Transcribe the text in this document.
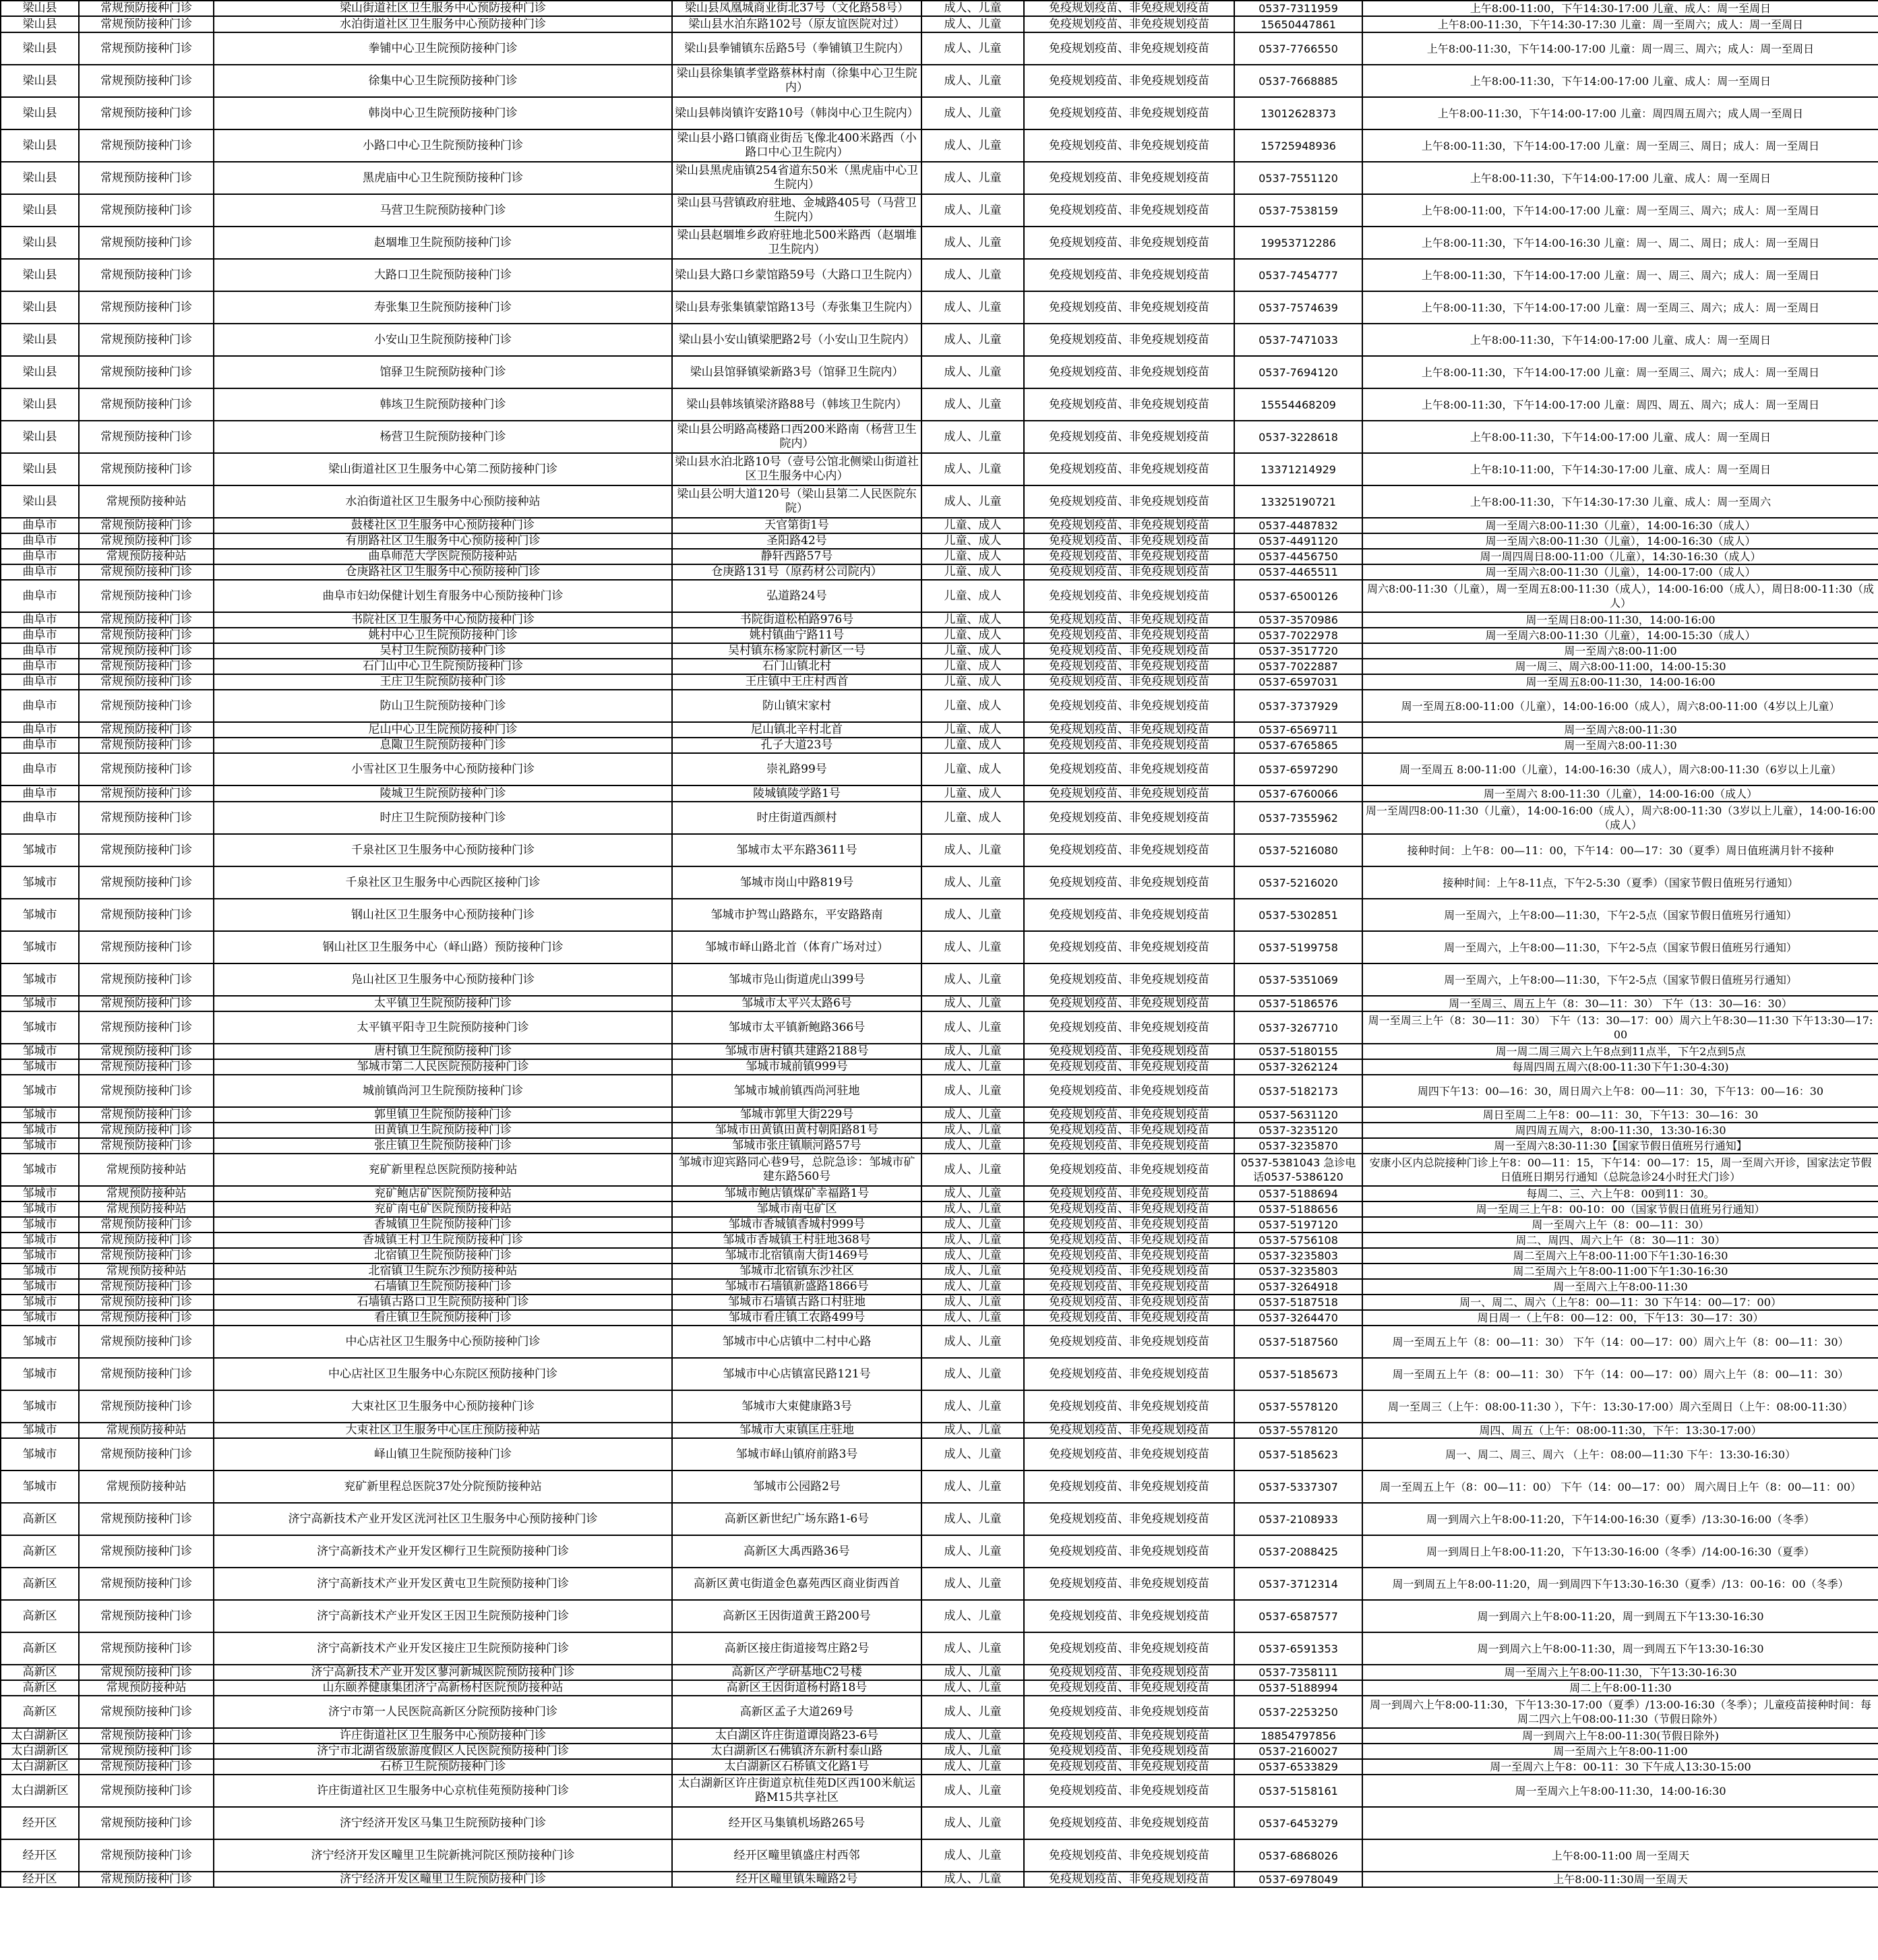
梁山县	常规预防接种门诊	梁山街道社区卫生服务中心预防接种门诊	梁山县凤凰城商业街北37号（文化路58号）	成人、儿童	免疫规划疫苗、非免疫规划疫苗	0537-7311959	上午8:00-11:00，下午14:30-17:00 儿童、成人：周一至周日
梁山县	常规预防接种门诊	水泊街道社区卫生服务中心预防接种门诊	梁山县水泊东路102号（原友谊医院对过）	成人、儿童	免疫规划疫苗、非免疫规划疫苗	15650447861	上午8:00-11:30，下午14:30-17:30 儿童：周一至周六；成人：周一至周日
梁山县	常规预防接种门诊	拳铺中心卫生院预防接种门诊	梁山县拳铺镇东岳路5号（拳铺镇卫生院内）	成人、儿童	免疫规划疫苗、非免疫规划疫苗	0537-7766550	上午8:00-11:30，下午14:00-17:00 儿童：周一周三、周六；成人：周一至周日
梁山县	常规预防接种门诊	徐集中心卫生院预防接种门诊	梁山县徐集镇孝堂路蔡林村南（徐集中心卫生院内）	成人、儿童	免疫规划疫苗、非免疫规划疫苗	0537-7668885	上午8:00-11:30，下午14:00-17:00 儿童、成人：周一至周日
梁山县	常规预防接种门诊	韩岗中心卫生院预防接种门诊	梁山县韩岗镇许安路10号（韩岗中心卫生院内）	成人、儿童	免疫规划疫苗、非免疫规划疫苗	13012628373	上午8:00-11:30，下午14:00-17:00 儿童：周四周五周六；成人周一至周日
梁山县	常规预防接种门诊	小路口中心卫生院预防接种门诊	梁山县小路口镇商业街岳飞像北400米路西（小路口中心卫生院内）	成人、儿童	免疫规划疫苗、非免疫规划疫苗	15725948936	上午8:00-11:30，下午14:00-17:00 儿童：周一至周三、周日；成人：周一至周日
梁山县	常规预防接种门诊	黑虎庙中心卫生院预防接种门诊	梁山县黑虎庙镇254省道东50米（黑虎庙中心卫生院内）	成人、儿童	免疫规划疫苗、非免疫规划疫苗	0537-7551120	上午8:00-11:30，下午14:00-17:00 儿童、成人：周一至周日
梁山县	常规预防接种门诊	马营卫生院预防接种门诊	梁山县马营镇政府驻地、金城路405号（马营卫生院内）	成人、儿童	免疫规划疫苗、非免疫规划疫苗	0537-7538159	上午8:00-11:00，下午14:00-17:00 儿童：周一至周三、周六；成人：周一至周日
梁山县	常规预防接种门诊	赵堌堆卫生院预防接种门诊	梁山县赵堌堆乡政府驻地北500米路西（赵堌堆卫生院内）	成人、儿童	免疫规划疫苗、非免疫规划疫苗	19953712286	上午8:00-11:30，下午14:00-16:30 儿童：周一、周二、周日；成人：周一至周日
梁山县	常规预防接种门诊	大路口卫生院预防接种门诊	梁山县大路口乡蒙馆路59号（大路口卫生院内）	成人、儿童	免疫规划疫苗、非免疫规划疫苗	0537-7454777	上午8:00-11:30，下午14:00-17:00 儿童：周一、周三、周六；成人：周一至周日
梁山县	常规预防接种门诊	寿张集卫生院预防接种门诊	梁山县寿张集镇蒙馆路13号（寿张集卫生院内）	成人、儿童	免疫规划疫苗、非免疫规划疫苗	0537-7574639	上午8:00-11:30，下午14:00-17:00 儿童：周一至周三、周六；成人：周一至周日
梁山县	常规预防接种门诊	小安山卫生院预防接种门诊	梁山县小安山镇梁肥路2号（小安山卫生院内）	成人、儿童	免疫规划疫苗、非免疫规划疫苗	0537-7471033	上午8:00-11:30，下午14:00-17:00 儿童、成人：周一至周日
梁山县	常规预防接种门诊	馆驿卫生院预防接种门诊	梁山县馆驿镇梁新路3号（馆驿卫生院内）	成人、儿童	免疫规划疫苗、非免疫规划疫苗	0537-7694120	上午8:00-11:30，下午14:00-17:00 儿童：周一至周三、周六；成人：周一至周日
梁山县	常规预防接种门诊	韩垓卫生院预防接种门诊	梁山县韩垓镇梁济路88号（韩垓卫生院内）	成人、儿童	免疫规划疫苗、非免疫规划疫苗	15554468209	上午8:00-11:30，下午14:00-17:00 儿童：周四、周五、周六；成人：周一至周日
梁山县	常规预防接种门诊	杨营卫生院预防接种门诊	梁山县公明路高楼路口西200米路南（杨营卫生院内）	成人、儿童	免疫规划疫苗、非免疫规划疫苗	0537-3228618	上午8:00-11:30，下午14:00-17:00 儿童、成人：周一至周日
梁山县	常规预防接种门诊	梁山街道社区卫生服务中心第二预防接种门诊	梁山县水泊北路10号（壹号公馆北侧梁山街道社区卫生服务中心内）	成人、儿童	免疫规划疫苗、非免疫规划疫苗	13371214929	上午8:10-11:00，下午14:30-17:00 儿童、成人：周一至周日
梁山县	常规预防接种站	水泊街道社区卫生服务中心预防接种站	梁山县公明大道120号（梁山县第二人民医院东院）	成人、儿童	免疫规划疫苗、非免疫规划疫苗	13325190721	上午8:00-11:30，下午14:30-17:30 儿童、成人：周一至周六
曲阜市	常规预防接种门诊	鼓楼社区卫生服务中心预防接种门诊	天官第街1号	儿童、成人	免疫规划疫苗、非免疫规划疫苗	0537-4487832	周一至周六8:00-11:30（儿童），14:00-16:30（成人）
曲阜市	常规预防接种门诊	有朋路社区卫生服务中心预防接种门诊	圣阳路42号	儿童、成人	免疫规划疫苗、非免疫规划疫苗	0537-4491120	周一至周六8:00-11:30（儿童），14:00-16:30（成人）
曲阜市	常规预防接种站	曲阜师范大学医院预防接种站	静轩西路57号	儿童、成人	免疫规划疫苗、非免疫规划疫苗	0537-4456750	周一周四周日8:00-11:00（儿童），14:30-16:30（成人）
曲阜市	常规预防接种门诊	仓庚路社区卫生服务中心预防接种门诊	仓庚路131号（原药材公司院内）	儿童、成人	免疫规划疫苗、非免疫规划疫苗	0537-4465511	周一至周六8:00-11:30（儿童），14:00-17:00（成人）
曲阜市	常规预防接种门诊	曲阜市妇幼保健计划生育服务中心预防接种门诊	弘道路24号	儿童、成人	免疫规划疫苗、非免疫规划疫苗	0537-6500126	周六8:00-11:30（儿童），周一至周五8:00-11:30（成人），14:00-16:00（成人），周日8:00-11:30（成人）
曲阜市	常规预防接种门诊	书院社区卫生服务中心预防接种门诊	书院街道松柏路976号	儿童、成人	免疫规划疫苗、非免疫规划疫苗	0537-3570986	周一至周日8:00-11:30，14:00-16:00
曲阜市	常规预防接种门诊	姚村中心卫生院预防接种门诊	姚村镇曲宁路11号	儿童、成人	免疫规划疫苗、非免疫规划疫苗	0537-7022978	周一至周六8:00-11:30（儿童），14:00-15:30（成人）
曲阜市	常规预防接种门诊	吴村卫生院预防接种门诊	吴村镇东杨家院村新区一号	儿童、成人	免疫规划疫苗、非免疫规划疫苗	0537-3517720	周一至周六8:00-11:00
曲阜市	常规预防接种门诊	石门山中心卫生院预防接种门诊	石门山镇北村	儿童、成人	免疫规划疫苗、非免疫规划疫苗	0537-7022887	周一周三、周六8:00-11:00，14:00-15:30
曲阜市	常规预防接种门诊	王庄卫生院预防接种门诊	王庄镇中王庄村西首	儿童、成人	免疫规划疫苗、非免疫规划疫苗	0537-6597031	周一至周五8:00-11:30，14:00-16:00
曲阜市	常规预防接种门诊	防山卫生院预防接种门诊	防山镇宋家村	儿童、成人	免疫规划疫苗、非免疫规划疫苗	0537-3737929	周一至周五8:00-11:00（儿童），14:00-16:00（成人），周六8:00-11:00（4岁以上儿童）
曲阜市	常规预防接种门诊	尼山中心卫生院预防接种门诊	尼山镇北辛村北首	儿童、成人	免疫规划疫苗、非免疫规划疫苗	0537-6569711	周一至周六8:00-11:30
曲阜市	常规预防接种门诊	息陬卫生院预防接种门诊	孔子大道23号	儿童、成人	免疫规划疫苗、非免疫规划疫苗	0537-6765865	周一至周六8:00-11:30
曲阜市	常规预防接种门诊	小雪社区卫生服务中心预防接种门诊	崇礼路99号	儿童、成人	免疫规划疫苗、非免疫规划疫苗	0537-6597290	周一至周五 8:00-11:00（儿童），14:00-16:30（成人），周六8:00-11:30（6岁以上儿童）
曲阜市	常规预防接种门诊	陵城卫生院预防接种门诊	陵城镇陵学路1号	儿童、成人	免疫规划疫苗、非免疫规划疫苗	0537-6760066	周一至周六 8:00-11:30（儿童），14:00-16:00（成人）
曲阜市	常规预防接种门诊	时庄卫生院预防接种门诊	时庄街道西颜村	儿童、成人	免疫规划疫苗、非免疫规划疫苗	0537-7355962	周一至周四8:00-11:30（儿童），14:00-16:00（成人），周六8:00-11:30（3岁以上儿童），14:00-16:00（成人）
邹城市	常规预防接种门诊	千泉社区卫生服务中心预防接种门诊	邹城市太平东路3611号	成人、儿童	免疫规划疫苗、非免疫规划疫苗	0537-5216080	接种时间：上午8：00—11：00，下午14：00—17：30（夏季）周日值班满月针不接种
邹城市	常规预防接种门诊	千泉社区卫生服务中心西院区接种门诊	邹城市岗山中路819号	成人、儿童	免疫规划疫苗、非免疫规划疫苗	0537-5216020	接种时间：上午8-11点，下午2-5:30（夏季）（国家节假日值班另行通知）
邹城市	常规预防接种门诊	钢山社区卫生服务中心预防接种门诊	邹城市护驾山路路东，平安路路南	成人、儿童	免疫规划疫苗、非免疫规划疫苗	0537-5302851	周一至周六，上午8:00—11:30，下午2-5点（国家节假日值班另行通知）
邹城市	常规预防接种门诊	钢山社区卫生服务中心（峄山路）预防接种门诊	邹城市峄山路北首（体育广场对过）	成人、儿童	免疫规划疫苗、非免疫规划疫苗	0537-5199758	周一至周六，上午8:00—11:30，下午2-5点（国家节假日值班另行通知）
邹城市	常规预防接种门诊	凫山社区卫生服务中心预防接种门诊	邹城市凫山街道虎山399号	成人、儿童	免疫规划疫苗、非免疫规划疫苗	0537-5351069	周一至周六，上午8:00—11:30，下午2-5点（国家节假日值班另行通知）
邹城市	常规预防接种门诊	太平镇卫生院预防接种门诊	邹城市太平兴太路6号	成人、儿童	免疫规划疫苗、非免疫规划疫苗	0537-5186576	周一至周三、周五上午（8：30—11：30） 下午（13：30—16：30）
邹城市	常规预防接种门诊	太平镇平阳寺卫生院预防接种门诊	邹城市太平镇新鲍路366号	成人、儿童	免疫规划疫苗、非免疫规划疫苗	0537-3267710	周一至周三上午（8：30—11：30） 下午（13：30—17：00）周六上午8:30—11:30 下午13:30—17:00
邹城市	常规预防接种门诊	唐村镇卫生院预防接种门诊	邹城市唐村镇共建路2188号	成人、儿童	免疫规划疫苗、非免疫规划疫苗	0537-5180155	周一周二周三周六上午8点到11点半，下午2点到5点
邹城市	常规预防接种门诊	邹城市第二人民医院预防接种门诊	邹城市城前镇999号	成人、儿童	免疫规划疫苗、非免疫规划疫苗	0537-3262124	每周四周五周六(8:00-11:30下午1:30-4:30)
邹城市	常规预防接种门诊	城前镇尚河卫生院预防接种门诊	邹城市城前镇西尚河驻地	成人、儿童	免疫规划疫苗、非免疫规划疫苗	0537-5182173	周四下午13：00—16：30，周日周六上午8：00—11：30，下午13：00—16：30
邹城市	常规预防接种门诊	郭里镇卫生院预防接种门诊	邹城市郭里大街229号	成人、儿童	免疫规划疫苗、非免疫规划疫苗	0537-5631120	周日至周二上午8：00—11：30，下午13：30—16：30
邹城市	常规预防接种门诊	田黄镇卫生院预防接种门诊	邹城市田黄镇田黄村朝阳路81号	成人、儿童	免疫规划疫苗、非免疫规划疫苗	0537-3235120	周四周五周六，8:00-11:30，13:30-16:30
邹城市	常规预防接种门诊	张庄镇卫生院预防接种门诊	邹城市张庄镇顺河路57号	成人、儿童	免疫规划疫苗、非免疫规划疫苗	0537-3235870	周一至周六8:30-11:30【国家节假日值班另行通知】
邹城市	常规预防接种站	兖矿新里程总医院预防接种站	邹城市迎宾路同心巷9号，总院急诊：邹城市矿建东路560号	成人、儿童	免疫规划疫苗、非免疫规划疫苗	0537-5381043 急诊电话0537-5386120	安康小区内总院接种门诊上午8：00—11：15，下午14：00—17：15，周一至周六开诊，国家法定节假日值班日期另行通知（总院急诊24小时狂犬门诊）
邹城市	常规预防接种站	兖矿鲍店矿医院预防接种站	邹城市鲍店镇煤矿幸福路1号	成人、儿童	免疫规划疫苗、非免疫规划疫苗	0537-5188694	每周二、三、六上午8：00到11：30。
邹城市	常规预防接种站	兖矿南屯矿医院预防接种站	邹城市南屯矿区	成人、儿童	免疫规划疫苗、非免疫规划疫苗	0537-5188656	周一至周三上午8：00-10：00（国家节假日值班另行通知）
邹城市	常规预防接种门诊	香城镇卫生院预防接种门诊	邹城市香城镇香城村999号	成人、儿童	免疫规划疫苗、非免疫规划疫苗	0537-5197120	周一至周六上午（8：00—11：30）
邹城市	常规预防接种门诊	香城镇王村卫生院预防接种门诊	邹城市香城镇王村驻地368号	成人、儿童	免疫规划疫苗、非免疫规划疫苗	0537-5756108	周二、周四、周六上午（8：30—11：30）
邹城市	常规预防接种门诊	北宿镇卫生院预防接种门诊	邹城市北宿镇南大街1469号	成人、儿童	免疫规划疫苗、非免疫规划疫苗	0537-3235803	周二至周六上午8:00-11:00下午1:30-16:30
邹城市	常规预防接种站	北宿镇卫生院东沙预防接种站	邹城市北宿镇东沙社区	成人、儿童	免疫规划疫苗、非免疫规划疫苗	0537-3235803	周二至周六上午8:00-11:00下午1:30-16:30
邹城市	常规预防接种门诊	石墙镇卫生院预防接种门诊	邹城市石墙镇新盛路1866号	成人、儿童	免疫规划疫苗、非免疫规划疫苗	0537-3264918	周一至周六上午8:00-11:30
邹城市	常规预防接种门诊	石墙镇古路口卫生院预防接种门诊	邹城市石墙镇古路口村驻地	成人、儿童	免疫规划疫苗、非免疫规划疫苗	0537-5187518	周一、周二、周六（上午8：00—11：30 下午14：00—17：00）
邹城市	常规预防接种门诊	看庄镇卫生院预防接种门诊	邹城市看庄镇工农路499号	成人、儿童	免疫规划疫苗、非免疫规划疫苗	0537-3264470	周日周一（上午8：00—12：00，下午13：30—17：30）
邹城市	常规预防接种门诊	中心店社区卫生服务中心预防接种门诊	邹城市中心店镇中二村中心路	成人、儿童	免疫规划疫苗、非免疫规划疫苗	0537-5187560	周一至周五上午（8：00—11：30） 下午（14：00—17：00）周六上午（8：00—11：30）
邹城市	常规预防接种门诊	中心店社区卫生服务中心东院区预防接种门诊	邹城市中心店镇富民路121号	成人、儿童	免疫规划疫苗、非免疫规划疫苗	0537-5185673	周一至周五上午（8：00—11：30） 下午（14：00—17：00）周六上午（8：00—11：30）
邹城市	常规预防接种门诊	大束社区卫生服务中心预防接种门诊	邹城市大束健康路3号	成人、儿童	免疫规划疫苗、非免疫规划疫苗	0537-5578120	周一至周三（上午：08:00-11:30 ），下午：13:30-17:00）周六至周日（上午：08:00-11:30）
邹城市	常规预防接种站	大束社区卫生服务中心匡庄预防接种站	邹城市大束镇匡庄驻地	成人、儿童	免疫规划疫苗、非免疫规划疫苗	0537-5578120	周四、周五（上午：08:00-11:30，下午：13:30-17:00）
邹城市	常规预防接种门诊	峄山镇卫生院预防接种门诊	邹城市峄山镇府前路3号	成人、儿童	免疫规划疫苗、非免疫规划疫苗	0537-5185623	周一、周二、周三、周六 （上午：08:00—11:30 下午：13:30-16:30）
邹城市	常规预防接种站	兖矿新里程总医院37处分院预防接种站	邹城市公园路2号	成人、儿童	免疫规划疫苗、非免疫规划疫苗	0537-5337307	周一至周五上午（8：00—11：00） 下午（14：00—17：00） 周六周日上午（8：00—11：00）
高新区	常规预防接种门诊	济宁高新技术产业开发区洸河社区卫生服务中心预防接种门诊	高新区新世纪广场东路1-6号	成人、儿童	免疫规划疫苗、非免疫规划疫苗	0537-2108933	周一到周六上午8:00-11:20，下午14:00-16:30（夏季）/13:30-16:00（冬季）
高新区	常规预防接种门诊	济宁高新技术产业开发区柳行卫生院预防接种门诊	高新区大禹西路36号	成人、儿童	免疫规划疫苗、非免疫规划疫苗	0537-2088425	周一到周日上午8:00-11:20，下午13:30-16:00（冬季）/14:00-16:30（夏季）
高新区	常规预防接种门诊	济宁高新技术产业开发区黄屯卫生院预防接种门诊	高新区黄屯街道金色嘉苑西区商业街西首	成人、儿童	免疫规划疫苗、非免疫规划疫苗	0537-3712314	周一到周五上午8:00-11:20，周一到周四下午13:30-16:30（夏季）/13：00-16：00（冬季）
高新区	常规预防接种门诊	济宁高新技术产业开发区王因卫生院预防接种门诊	高新区王因街道黄王路200号	成人、儿童	免疫规划疫苗、非免疫规划疫苗	0537-6587577	周一到周六上午8:00-11:20，周一到周五下午13:30-16:30
高新区	常规预防接种门诊	济宁高新技术产业开发区接庄卫生院预防接种门诊	高新区接庄街道接驾庄路2号	成人、儿童	免疫规划疫苗、非免疫规划疫苗	0537-6591353	周一到周六上午8:00-11:30，周一到周五下午13:30-16:30
高新区	常规预防接种门诊	济宁高新技术产业开发区蓼河新城医院预防接种门诊	高新区产学研基地C2号楼	成人、儿童	免疫规划疫苗、非免疫规划疫苗	0537-7358111	周一至周六上午8:00-11:30，下午13:30-16:30
高新区	常规预防接种站	山东颐养健康集团济宁高新杨村医院预防接种站	高新区王因街道杨村路18号	成人、儿童	免疫规划疫苗、非免疫规划疫苗	0537-5188994	周二上午8:00-11:30
高新区	常规预防接种门诊	济宁市第一人民医院高新区分院预防接种门诊	高新区孟子大道269号	成人、儿童	免疫规划疫苗、非免疫规划疫苗	0537-2253250	周一到周六上午8:00-11:30，下午13:30-17:00（夏季）/13:00-16:30（冬季）；儿童疫苗接种时间：每周二四六上午08:00-11:30（节假日除外）
太白湖新区	常规预防接种门诊	许庄街道社区卫生服务中心预防接种门诊	太白湖区许庄街道谭岗路23-6号	成人、儿童	免疫规划疫苗、非免疫规划疫苗	18854797856	周一到周六上午8:00-11:30(节假日除外)
太白湖新区	常规预防接种门诊	济宁市北湖省级旅游度假区人民医院预防接种门诊	太白湖新区石佛镇济东新村泰山路	成人、儿童	免疫规划疫苗、非免疫规划疫苗	0537-2160027	周一至周六上午8:00-11:00
太白湖新区	常规预防接种门诊	石桥卫生院预防接种门诊	太白湖新区石桥镇文化路1号	成人、儿童	免疫规划疫苗、非免疫规划疫苗	0537-6533829	周一至周六上午8：00-11：30 下午成人13:30-15:00
太白湖新区	常规预防接种门诊	许庄街道社区卫生服务中心京杭佳苑预防接种门诊	太白湖新区许庄街道京杭佳苑D区西100米航运路M15共享社区	成人、儿童	免疫规划疫苗、非免疫规划疫苗	0537-5158161	周一至周六上午8:00-11:30，14:00-16:30
经开区	常规预防接种门诊	济宁经济开发区马集卫生院预防接种门诊	经开区马集镇机场路265号	成人、儿童	免疫规划疫苗、非免疫规划疫苗	0537-6453279	
经开区	常规预防接种门诊	济宁经济开发区疃里卫生院新挑河院区预防接种门诊	经开区疃里镇盛庄村西邻	成人、儿童	免疫规划疫苗、非免疫规划疫苗	0537-6868026	上午8:00-11:00 周一至周天
经开区	常规预防接种门诊	济宁经济开发区疃里卫生院预防接种门诊	经开区疃里镇朱疃路2号	成人、儿童	免疫规划疫苗、非免疫规划疫苗	0537-6978049	上午8:00-11:30周一至周天
